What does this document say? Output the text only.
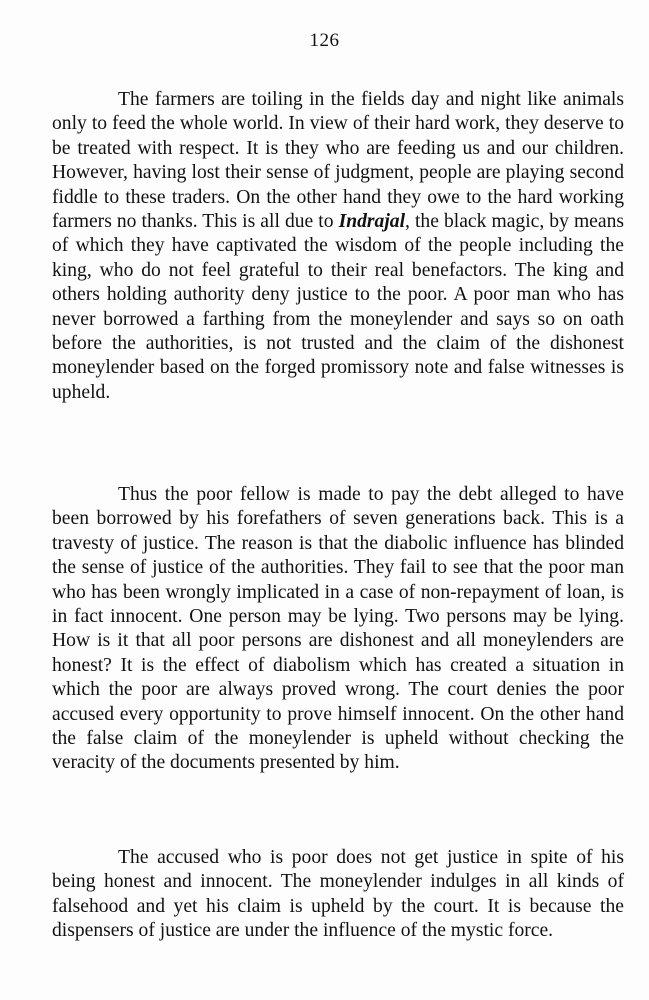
126

The farmers are toiling in the fields day and night like animals only to feed the whole world. In view of their hard work, they deserve to be treated with respect. It is they who are feeding us and our children. However, having lost their sense of judgment, people are playing second fiddle to these traders. On the other hand they owe to the hard working farmers no thanks. This is all due to Indrajal, the black magic, by means of which they have captivated the wisdom of the people including the king, who do not feel grateful to their real benefactors. The king and others holding authority deny justice to the poor. A poor man who has never borrowed a farthing from the moneylender and says so on oath before the authorities, is not trusted and the claim of the dishonest moneylender based on the forged promissory note and false witnesses is upheld.

Thus the poor fellow is made to pay the debt alleged to have been borrowed by his forefathers of seven generations back. This is a travesty of justice. The reason is that the diabolic influence has blinded the sense of justice of the authorities. They fail to see that the poor man who has been wrongly implicated in a case of non-repayment of loan, is in fact innocent. One person may be lying. Two persons may be lying. How is it that all poor persons are dishonest and all moneylenders are honest? It is the effect of diabolism which has created a situation in which the poor are always proved wrong. The court denies the poor accused every opportunity to prove himself innocent. On the other hand the false claim of the moneylender is upheld without checking the veracity of the documents presented by him.

The accused who is poor does not get justice in spite of his being honest and innocent. The moneylender indulges in all kinds of falsehood and yet his claim is upheld by the court. It is because the dispensers of justice are under the influence of the mystic force.
